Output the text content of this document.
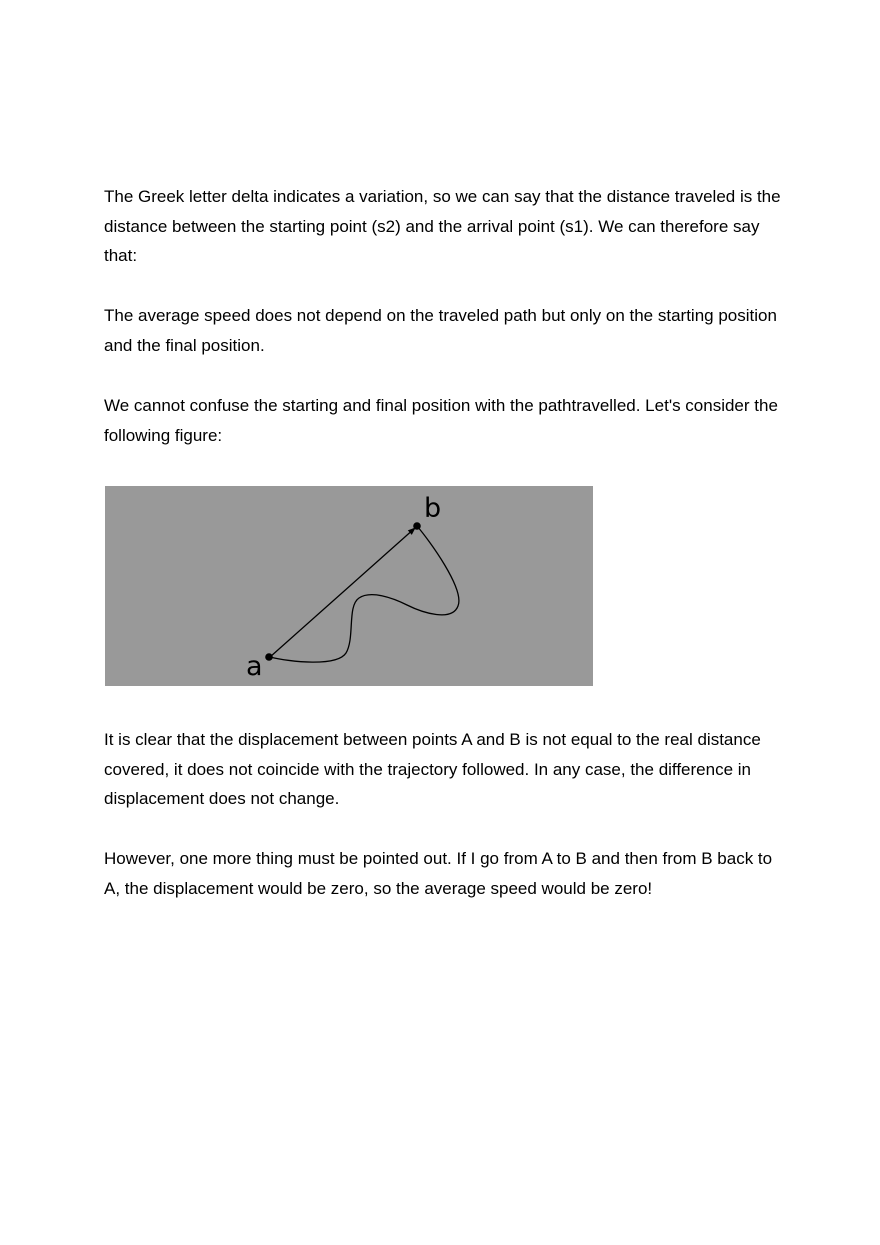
The Greek letter delta indicates a variation, so we can say that the distance traveled is the distance between the starting point (s2) and the arrival point (s1). We can therefore say that:

The average speed does not depend on the traveled path but only on the starting position and the final position.

We cannot confuse the starting and final position with the pathtravelled. Let's consider the following figure:

a
b

It is clear that the displacement between points A and B is not equal to the real distance covered, it does not coincide with the trajectory followed. In any case, the difference in displacement does not change.

However, one more thing must be pointed out. If I go from A to B and then from B back to A, the displacement would be zero, so the average speed would be zero!
